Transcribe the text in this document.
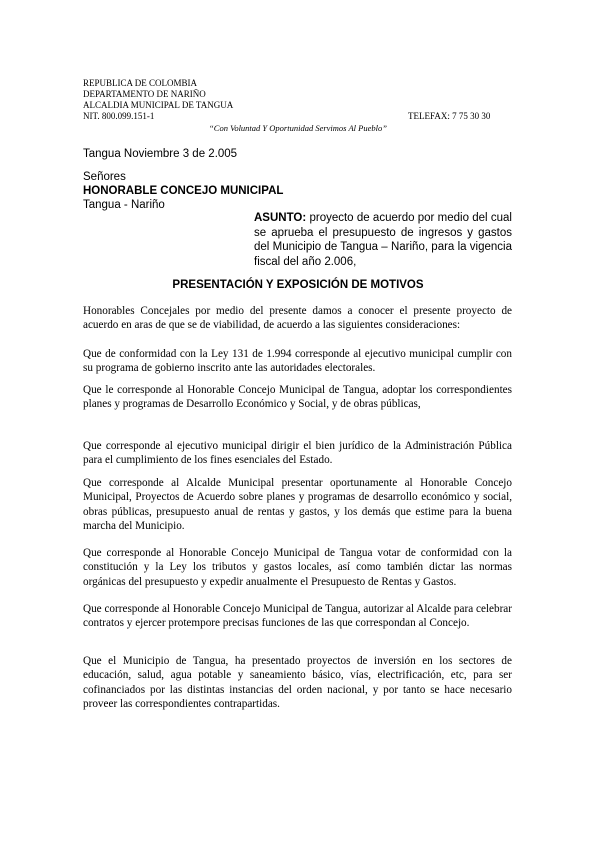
REPUBLICA DE COLOMBIA
DEPARTAMENTO DE NARIÑO
ALCALDIA MUNICIPAL DE TANGUA
NIT. 800.099.151-1	TELEFAX: 7 75 30 30
“Con Voluntad Y Oportunidad Servimos Al Pueblo”
Tangua Noviembre 3 de 2.005
Señores
HONORABLE CONCEJO MUNICIPAL
Tangua - Nariño
ASUNTO: proyecto de acuerdo por medio del cual se aprueba el presupuesto de ingresos y gastos del Municipio de Tangua – Nariño, para la vigencia fiscal del año 2.006,
PRESENTACIÓN Y EXPOSICIÓN DE MOTIVOS

Honorables Concejales por medio del presente damos a conocer el presente proyecto de acuerdo en aras de que se de viabilidad, de acuerdo a las siguientes consideraciones:

Que de conformidad con la Ley 131 de 1.994 corresponde al ejecutivo municipal cumplir con su programa de gobierno inscrito ante las autoridades electorales.

Que le corresponde al Honorable Concejo Municipal de Tangua, adoptar los correspondientes planes y programas de Desarrollo Económico y Social, y de obras públicas,

Que corresponde al ejecutivo municipal dirigir el bien jurídico de la Administración Pública para el cumplimiento de los fines esenciales del Estado.

Que corresponde al Alcalde Municipal presentar oportunamente al Honorable Concejo Municipal, Proyectos de Acuerdo sobre planes y programas de desarrollo económico y social, obras públicas, presupuesto anual de rentas y gastos, y los demás que estime para la buena marcha del Municipio.

Que corresponde al Honorable Concejo Municipal de Tangua votar de conformidad con la constitución y la Ley los tributos y gastos locales, así como también dictar las normas orgánicas del presupuesto y expedir anualmente el Presupuesto de Rentas y Gastos.

Que corresponde al Honorable Concejo Municipal de Tangua, autorizar al Alcalde para celebrar contratos y ejercer protempore precisas funciones de las que correspondan al Concejo.

Que el Municipio de Tangua, ha presentado proyectos de inversión en los sectores de educación, salud, agua potable y saneamiento básico, vías, electrificación, etc, para ser cofinanciados por las distintas instancias del orden nacional, y por tanto se hace necesario proveer las correspondientes contrapartidas.
